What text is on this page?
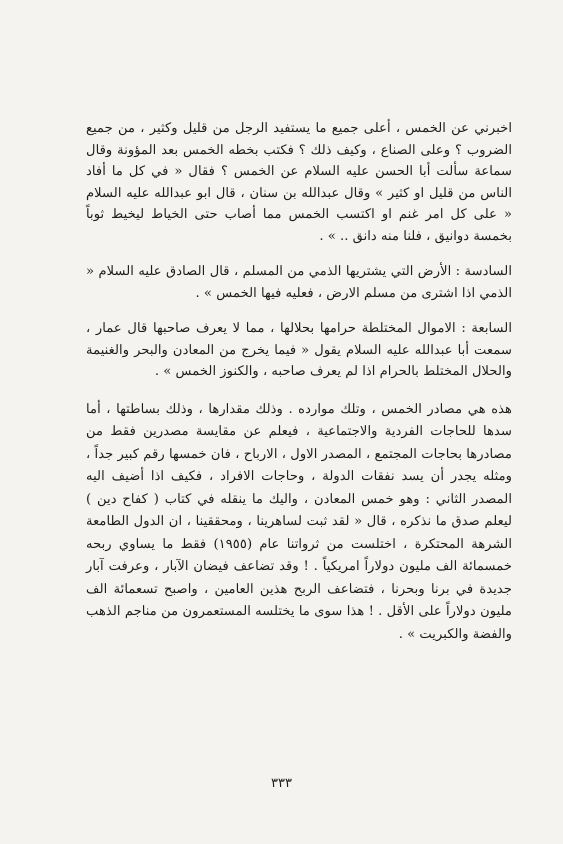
اخبرني عن الخمس ، أعلى جميع ما يستفيد الرجل من قليل وكثير ، من جميع الضروب ؟ وعلى الصناع ، وكيف ذلك ؟ فكتب بخطه الخمس بعد المؤونة وقال سماعة سألت أبا الحسن عليه السلام عن الخمس ؟ فقال « في كل ما أفاد الناس من قليل او كثير » وقال عبدالله بن سنان ، قال ابو عبدالله عليه السلام « على كل امر غنم او اكتسب الخمس مما أصاب حتى الخياط ليخيط ثوباً بخمسة دوانيق ، فلنا منه دانق .. » .

السادسة : الأرض التي يشتريها الذمي من المسلم ، قال الصادق عليه السلام « الذمي اذا اشترى من مسلم الارض ، فعليه فيها الخمس » .

السابعة : الاموال المختلطة حرامها بحلالها ، مما لا يعرف صاحبها قال عمار ، سمعت أبا عبدالله عليه السلام يقول « فيما يخرج من المعادن والبحر والغنيمة والحلال المختلط بالحرام اذا لم يعرف صاحبه ، والكنوز الخمس » .

هذه هي مصادر الخمس ، وتلك موارده . وذلك مقدارها ، وذلك بساطتها ، أما سدها للحاجات الفردية والاجتماعية ، فيعلم عن مقايسة مصدرين فقط من مصادرها بحاجات المجتمع ، المصدر الاول ، الارباح ، فان خمسها رقم كبير جداً ، ومثله يجدر أن يسد نفقات الدولة ، وحاجات الافراد ، فكيف اذا أضيف اليه المصدر الثاني : وهو خمس المعادن ، واليك ما ينقله في كتاب ( كفاح دين ) ليعلم صدق ما نذكره ، قال « لقد ثبت لساهرينا ، ومحققينا ، ان الدول الطامعة الشرهة المحتكرة ، اختلست من ثرواتنا عام (١٩٥٥) فقط ما يساوي ربحه خمسمائة الف مليون دولاراً امريكياً . ! وقد تضاعف فيضان الآبار ، وعرفت آبار جديدة في برنا وبحرنا ، فتضاعف الربح هذين العامين ، واصبح تسعمائة الف مليون دولاراً على الأقل . ! هذا سوى ما يختلسه المستعمرون من مناجم الذهب والفضة والكبريت » .

٣٣٣
